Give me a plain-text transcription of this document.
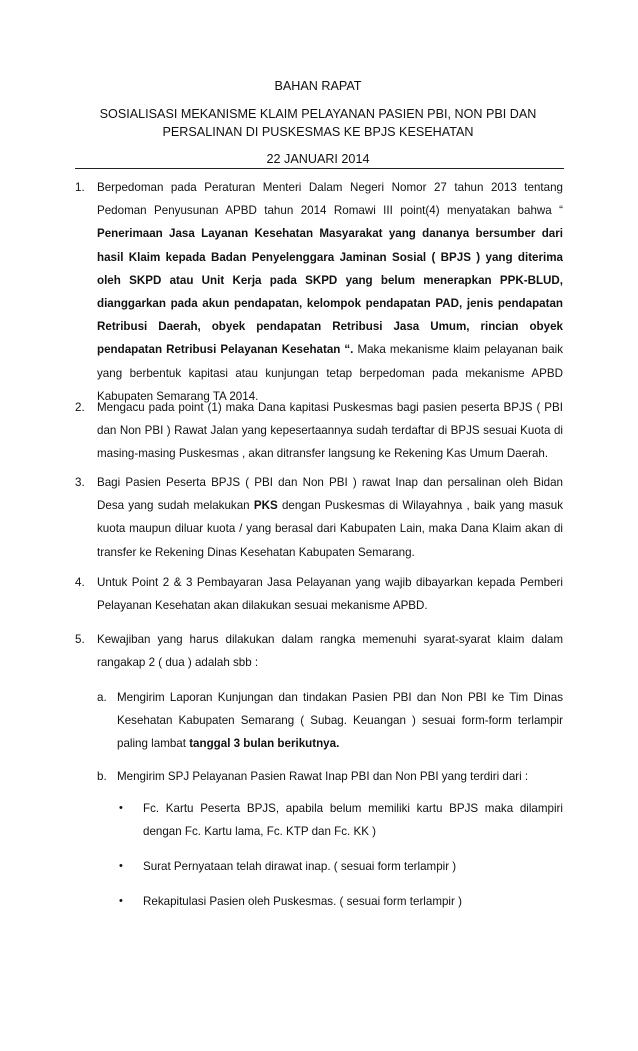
BAHAN RAPAT
SOSIALISASI MEKANISME KLAIM PELAYANAN PASIEN PBI, NON PBI DAN
PERSALINAN DI PUSKESMAS KE BPJS KESEHATAN
22 JANUARI 2014
1. Berpedoman pada Peraturan Menteri Dalam Negeri Nomor 27 tahun 2013 tentang Pedoman Penyusunan APBD tahun 2014 Romawi III point(4) menyatakan bahwa “ Penerimaan Jasa Layanan Kesehatan Masyarakat yang dananya bersumber dari hasil Klaim kepada Badan Penyelenggara Jaminan Sosial ( BPJS ) yang diterima oleh SKPD atau Unit Kerja pada SKPD yang belum menerapkan PPK-BLUD, dianggarkan pada akun pendapatan, kelompok pendapatan PAD, jenis pendapatan Retribusi Daerah, obyek pendapatan Retribusi Jasa Umum, rincian obyek pendapatan Retribusi Pelayanan Kesehatan “. Maka mekanisme klaim pelayanan baik yang berbentuk kapitasi atau kunjungan tetap berpedoman pada mekanisme APBD Kabupaten Semarang TA 2014.
2. Mengacu pada point (1) maka Dana kapitasi Puskesmas bagi pasien peserta BPJS ( PBI dan Non PBI ) Rawat Jalan yang kepesertaannya sudah terdaftar di BPJS sesuai Kuota di masing-masing Puskesmas , akan ditransfer langsung ke Rekening Kas Umum Daerah.
3. Bagi Pasien Peserta BPJS ( PBI dan Non PBI ) rawat Inap dan persalinan oleh Bidan Desa yang sudah melakukan PKS dengan Puskesmas di Wilayahnya , baik yang masuk kuota maupun diluar kuota / yang berasal dari Kabupaten Lain, maka Dana Klaim akan di transfer ke Rekening Dinas Kesehatan Kabupaten Semarang.
4. Untuk Point 2 & 3 Pembayaran Jasa Pelayanan yang wajib dibayarkan kepada Pemberi Pelayanan Kesehatan akan dilakukan sesuai mekanisme APBD.
5. Kewajiban yang harus dilakukan dalam rangka memenuhi syarat-syarat klaim dalam rangakap 2 ( dua ) adalah sbb :
a. Mengirim Laporan Kunjungan dan tindakan Pasien PBI dan Non PBI ke Tim Dinas Kesehatan Kabupaten Semarang ( Subag. Keuangan ) sesuai form-form terlampir paling lambat tanggal 3 bulan berikutnya.
b. Mengirim SPJ Pelayanan Pasien Rawat Inap PBI dan Non PBI yang terdiri dari :
• Fc. Kartu Peserta BPJS, apabila belum memiliki kartu BPJS maka dilampiri dengan Fc. Kartu lama, Fc. KTP dan Fc. KK )
• Surat Pernyataan telah dirawat inap. ( sesuai form terlampir )
• Rekapitulasi Pasien oleh Puskesmas. ( sesuai form terlampir )
